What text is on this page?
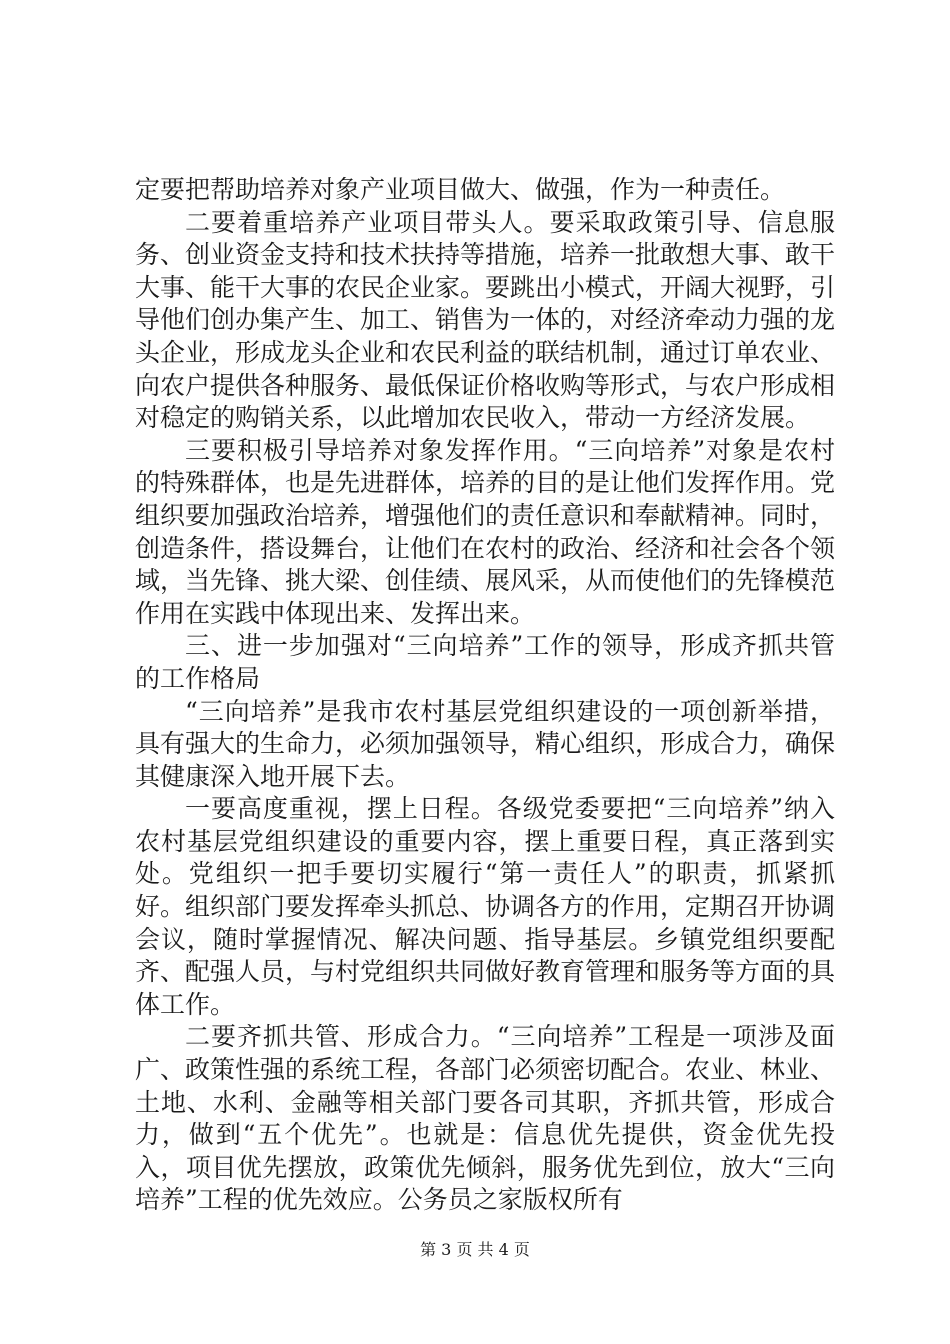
定要把帮助培养对象产业项目做大、做强，作为一种责任。

二要着重培养产业项目带头人。要采取政策引导、信息服务、创业资金支持和技术扶持等措施，培养一批敢想大事、敢干大事、能干大事的农民企业家。要跳出小模式，开阔大视野，引导他们创办集产生、加工、销售为一体的，对经济牵动力强的龙头企业，形成龙头企业和农民利益的联结机制，通过订单农业、向农户提供各种服务、最低保证价格收购等形式，与农户形成相对稳定的购销关系，以此增加农民收入，带动一方经济发展。

三要积极引导培养对象发挥作用。“三向培养”对象是农村的特殊群体，也是先进群体，培养的目的是让他们发挥作用。党组织要加强政治培养，增强他们的责任意识和奉献精神。同时，创造条件，搭设舞台，让他们在农村的政治、经济和社会各个领域，当先锋、挑大梁、创佳绩、展风采，从而使他们的先锋模范作用在实践中体现出来、发挥出来。

三、进一步加强对“三向培养”工作的领导，形成齐抓共管的工作格局

“三向培养”是我市农村基层党组织建设的一项创新举措，具有强大的生命力，必须加强领导，精心组织，形成合力，确保其健康深入地开展下去。

一要高度重视，摆上日程。各级党委要把“三向培养”纳入农村基层党组织建设的重要内容，摆上重要日程，真正落到实处。党组织一把手要切实履行“第一责任人”的职责，抓紧抓好。组织部门要发挥牵头抓总、协调各方的作用，定期召开协调会议，随时掌握情况、解决问题、指导基层。乡镇党组织要配齐、配强人员，与村党组织共同做好教育管理和服务等方面的具体工作。

二要齐抓共管、形成合力。“三向培养”工程是一项涉及面广、政策性强的系统工程，各部门必须密切配合。农业、林业、土地、水利、金融等相关部门要各司其职，齐抓共管，形成合力，做到“五个优先”。也就是：信息优先提供，资金优先投入，项目优先摆放，政策优先倾斜，服务优先到位，放大“三向培养”工程的优先效应。公务员之家版权所有

第 3 页 共 4 页
